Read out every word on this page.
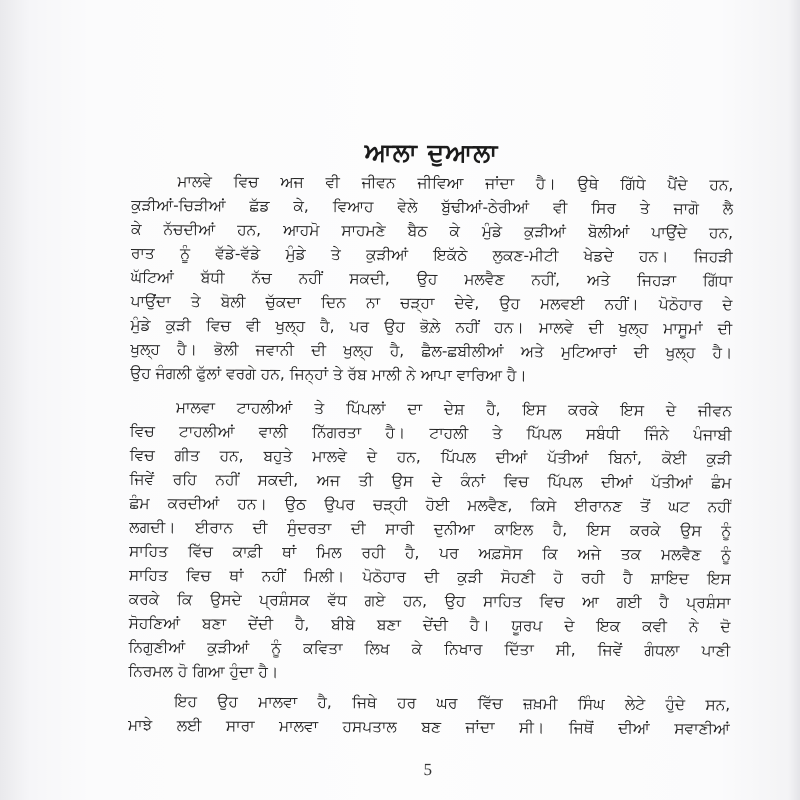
ਆਲਾ ਦੁਆਲਾ
ਮਾਲਵੇ ਵਿਚ ਅਜ ਵੀ ਜੀਵਨ ਜੀਵਿਆ ਜਾਂਦਾ ਹੈ। ਉਥੇ ਗਿੱਧੇ ਪੈਂਦੇ ਹਨ,
ਕੁੜੀਆਂ-ਚਿੜੀਆਂ ਛੱਡ ਕੇ, ਵਿਆਹ ਵੇਲੇ ਬੁੱਢੀਆਂ-ਠੇਰੀਆਂ ਵੀ ਸਿਰ ਤੇ ਜਾਗੋ ਲੈ
ਕੇ ਨੱਚਦੀਆਂ ਹਨ, ਆਹਮੋ ਸਾਹਮਣੇ ਬੈਠ ਕੇ ਮੁੰਡੇ ਕੁੜੀਆਂ ਬੋਲੀਆਂ ਪਾਉਂਦੇ ਹਨ,
ਰਾਤ ਨੂੰ ਵੱਡੇ-ਵੱਡੇ ਮੁੰਡੇ ਤੇ ਕੁੜੀਆਂ ਇਕੱਠੇ ਲੁਕਣ-ਮੀਟੀ ਖੇਡਦੇ ਹਨ। ਜਿਹੜੀ
ਘੱਟਿਆਂ ਬੱਧੀ ਨੱਚ ਨਹੀਂ ਸਕਦੀ, ਉਹ ਮਲਵੈਣ ਨਹੀਂ, ਅਤੇ ਜਿਹੜਾ ਗਿੱਧਾ
ਪਾਉਂਦਾ ਤੇ ਬੋਲੀ ਚੁੱਕਦਾ ਦਿਨ ਨਾ ਚੜ੍ਹਾ ਦੇਵੇ, ਉਹ ਮਲਵਈ ਨਹੀਂ। ਪੋਠੋਹਾਰ ਦੇ
ਮੁੰਡੇ ਕੁੜੀ ਵਿਚ ਵੀ ਖੁਲ੍ਹ ਹੈ, ਪਰ ਉਹ ਭੋਲ਼ੇ ਨਹੀਂ ਹਨ। ਮਾਲਵੇ ਦੀ ਖੁਲ੍ਹ ਮਾਸੂਮਾਂ ਦੀ
ਖੁਲ੍ਹ ਹੈ। ਭੋਲੀ ਜਵਾਨੀ ਦੀ ਖੁਲ੍ਹ ਹੈ, ਛੈਲ-ਛਬੀਲੀਆਂ ਅਤੇ ਮੁਟਿਆਰਾਂ ਦੀ ਖੁਲ੍ਹ ਹੈ।
ਉਹ ਜੰਗਲੀ ਫੁੱਲਾਂ ਵਰਗੇ ਹਨ, ਜਿਨ੍ਹਾਂ ਤੇ ਰੱਬ ਮਾਲੀ ਨੇ ਆਪਾ ਵਾਰਿਆ ਹੈ।
ਮਾਲਵਾ ਟਾਹਲੀਆਂ ਤੇ ਪਿੱਪਲਾਂ ਦਾ ਦੇਸ਼ ਹੈ, ਇਸ ਕਰਕੇ ਇਸ ਦੇ ਜੀਵਨ
ਵਿਚ ਟਾਹਲੀਆਂ ਵਾਲੀ ਨਿੱਗਰਤਾ ਹੈ। ਟਾਹਲੀ ਤੇ ਪਿੱਪਲ ਸਬੰਧੀ ਜਿੰਨੇ ਪੰਜਾਬੀ
ਵਿਚ ਗੀਤ ਹਨ, ਬਹੁਤੇ ਮਾਲਵੇ ਦੇ ਹਨ, ਪਿੱਪਲ ਦੀਆਂ ਪੱਤੀਆਂ ਬਿਨਾਂ, ਕੋਈ ਕੁੜੀ
ਜਿਵੇਂ ਰਹਿ ਨਹੀਂ ਸਕਦੀ, ਅਜ ਤੀ ਉਸ ਦੇ ਕੰਨਾਂ ਵਿਚ ਪਿੱਪਲ ਦੀਆਂ ਪੱਤੀਆਂ ਛੰਮ
ਛੰਮ ਕਰਦੀਆਂ ਹਨ। ਉਠ ਉਪਰ ਚੜ੍ਹੀ ਹੋਈ ਮਲਵੈਣ, ਕਿਸੇ ਈਰਾਨਣ ਤੋਂ ਘਟ ਨਹੀਂ
ਲਗਦੀ। ਈਰਾਨ ਦੀ ਸੁੰਦਰਤਾ ਦੀ ਸਾਰੀ ਦੁਨੀਆ ਕਾਇਲ ਹੈ, ਇਸ ਕਰਕੇ ਉਸ ਨੂੰ
ਸਾਹਿਤ ਵਿੱਚ ਕਾਫ਼ੀ ਥਾਂ ਮਿਲ ਰਹੀ ਹੈ, ਪਰ ਅਫ਼ਸੋਸ ਕਿ ਅਜੇ ਤਕ ਮਲਵੈਣ ਨੂੰ
ਸਾਹਿਤ ਵਿਚ ਥਾਂ ਨਹੀਂ ਮਿਲੀ। ਪੋਠੋਹਾਰ ਦੀ ਕੁੜੀ ਸੋਹਣੀ ਹੋ ਰਹੀ ਹੈ ਸ਼ਾਇਦ ਇਸ
ਕਰਕੇ ਕਿ ਉਸਦੇ ਪ੍ਰਸ਼ੰਸਕ ਵੱਧ ਗਏ ਹਨ, ਉਹ ਸਾਹਿਤ ਵਿਚ ਆ ਗਈ ਹੈ ਪ੍ਰਸ਼ੰਸਾ
ਸੋਹਣਿਆਂ ਬਣਾ ਦੇਂਦੀ ਹੈ, ਬੀਬੇ ਬਣਾ ਦੇਂਦੀ ਹੈ। ਯੂਰਪ ਦੇ ਇਕ ਕਵੀ ਨੇ ਦੋ
ਨਿਗੁਣੀਆਂ ਕੁੜੀਆਂ ਨੂੰ ਕਵਿਤਾ ਲਿਖ ਕੇ ਨਿਖਾਰ ਦਿੱਤਾ ਸੀ, ਜਿਵੇਂ ਗੰਧਲਾ ਪਾਣੀ
ਨਿਰਮਲ ਹੋ ਗਿਆ ਹੁੰਦਾ ਹੈ।
ਇਹ ਉਹ ਮਾਲਵਾ ਹੈ, ਜਿਥੇ ਹਰ ਘਰ ਵਿੱਚ ਜ਼ਖ਼ਮੀ ਸਿੰਘ ਲੇਟੇ ਹੁੰਦੇ ਸਨ,
ਮਾਝੇ ਲਈ ਸਾਰਾ ਮਾਲਵਾ ਹਸਪਤਾਲ ਬਣ ਜਾਂਦਾ ਸੀ। ਜਿਥੋਂ ਦੀਆਂ ਸਵਾਣੀਆਂ
5
